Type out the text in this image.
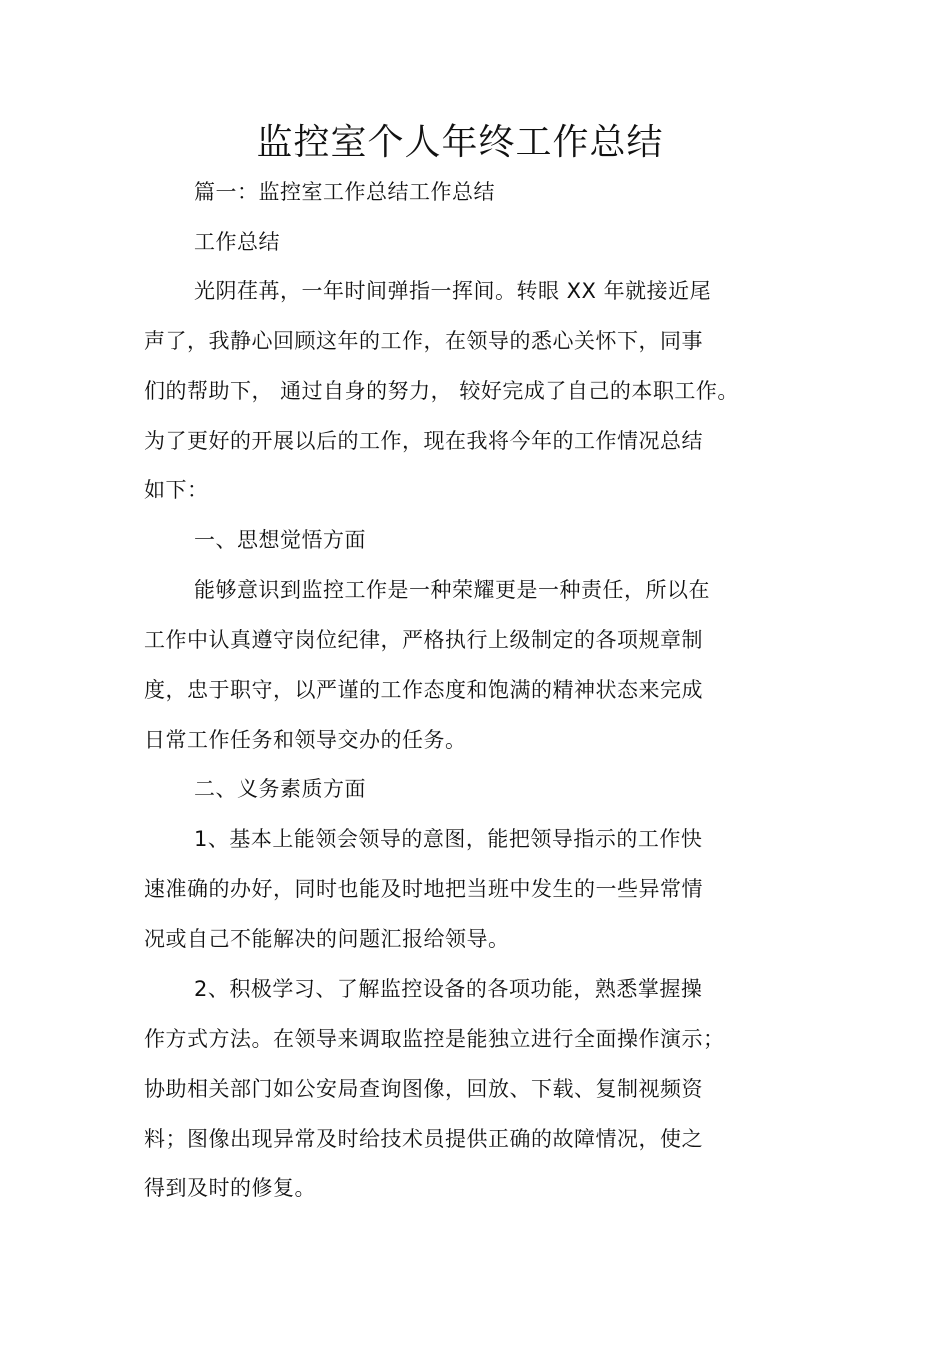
监控室个人年终工作总结
篇一：监控室工作总结工作总结
工作总结
光阴荏苒，一年时间弹指一挥间。转眼 XX 年就接近尾
声了，我静心回顾这年的工作，在领导的悉心关怀下，同事
们的帮助下， 通过自身的努力， 较好完成了自己的本职工作。
为了更好的开展以后的工作，现在我将今年的工作情况总结
如下：
一、思想觉悟方面
能够意识到监控工作是一种荣耀更是一种责任，所以在
工作中认真遵守岗位纪律，严格执行上级制定的各项规章制
度，忠于职守，以严谨的工作态度和饱满的精神状态来完成
日常工作任务和领导交办的任务。
二、义务素质方面
1、基本上能领会领导的意图，能把领导指示的工作快
速准确的办好，同时也能及时地把当班中发生的一些异常情
况或自己不能解决的问题汇报给领导。
2、积极学习、了解监控设备的各项功能，熟悉掌握操
作方式方法。在领导来调取监控是能独立进行全面操作演示；
协助相关部门如公安局查询图像，回放、下载、复制视频资
料；图像出现异常及时给技术员提供正确的故障情况，使之
得到及时的修复。
